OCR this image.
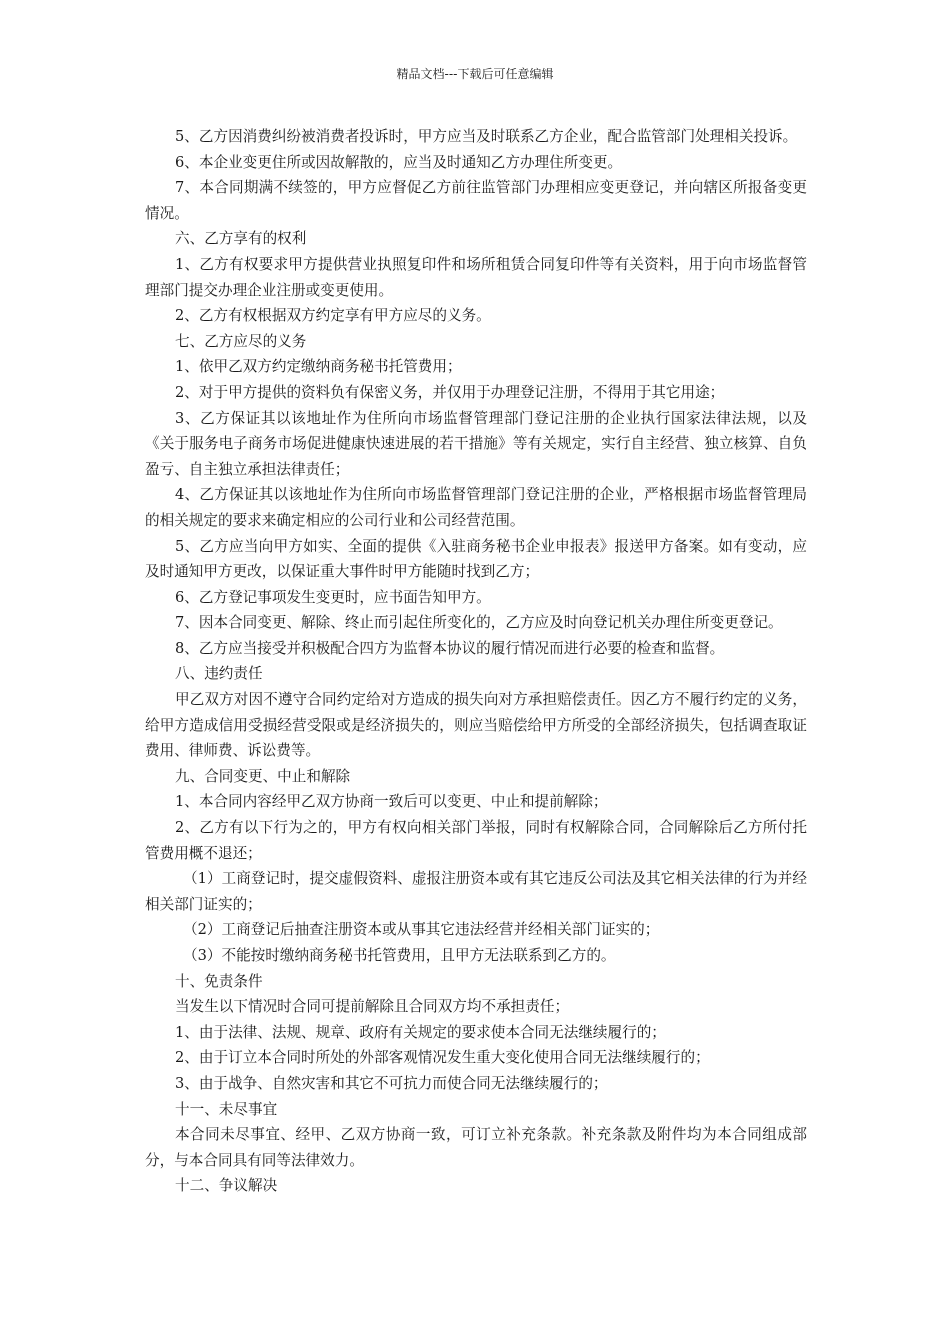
精品文档---下载后可任意编辑

5、乙方因消费纠纷被消费者投诉时，甲方应当及时联系乙方企业，配合监管部门处理相关投诉。

6、本企业变更住所或因故解散的，应当及时通知乙方办理住所变更。

7、本合同期满不续签的，甲方应督促乙方前往监管部门办理相应变更登记，并向辖区所报备变更情况。

六、乙方享有的权利

1、乙方有权要求甲方提供营业执照复印件和场所租赁合同复印件等有关资料，用于向市场监督管理部门提交办理企业注册或变更使用。

2、乙方有权根据双方约定享有甲方应尽的义务。

七、乙方应尽的义务

1、依甲乙双方约定缴纳商务秘书托管费用；

2、对于甲方提供的资料负有保密义务，并仅用于办理登记注册，不得用于其它用途；

3、乙方保证其以该地址作为住所向市场监督管理部门登记注册的企业执行国家法律法规，以及《关于服务电子商务市场促进健康快速进展的若干措施》等有关规定，实行自主经营、独立核算、自负盈亏、自主独立承担法律责任；

4、乙方保证其以该地址作为住所向市场监督管理部门登记注册的企业，严格根据市场监督管理局的相关规定的要求来确定相应的公司行业和公司经营范围。

5、乙方应当向甲方如实、全面的提供《入驻商务秘书企业申报表》报送甲方备案。如有变动，应及时通知甲方更改，以保证重大事件时甲方能随时找到乙方；

6、乙方登记事项发生变更时，应书面告知甲方。

7、因本合同变更、解除、终止而引起住所变化的，乙方应及时向登记机关办理住所变更登记。

8、乙方应当接受并积极配合四方为监督本协议的履行情况而进行必要的检查和监督。

八、违约责任

甲乙双方对因不遵守合同约定给对方造成的损失向对方承担赔偿责任。因乙方不履行约定的义务，给甲方造成信用受损经营受限或是经济损失的，则应当赔偿给甲方所受的全部经济损失，包括调查取证费用、律师费、诉讼费等。

九、合同变更、中止和解除

1、本合同内容经甲乙双方协商一致后可以变更、中止和提前解除；

2、乙方有以下行为之的，甲方有权向相关部门举报，同时有权解除合同，合同解除后乙方所付托管费用概不退还；

（1）工商登记时，提交虚假资料、虚报注册资本或有其它违反公司法及其它相关法律的行为并经相关部门证实的；

（2）工商登记后抽查注册资本或从事其它违法经营并经相关部门证实的；

（3）不能按时缴纳商务秘书托管费用，且甲方无法联系到乙方的。

十、免责条件

当发生以下情况时合同可提前解除且合同双方均不承担责任；

1、由于法律、法规、规章、政府有关规定的要求使本合同无法继续履行的；

2、由于订立本合同时所处的外部客观情况发生重大变化使用合同无法继续履行的；

3、由于战争、自然灾害和其它不可抗力而使合同无法继续履行的；

十一、未尽事宜

本合同未尽事宜、经甲、乙双方协商一致，可订立补充条款。补充条款及附件均为本合同组成部分，与本合同具有同等法律效力。

十二、争议解决
